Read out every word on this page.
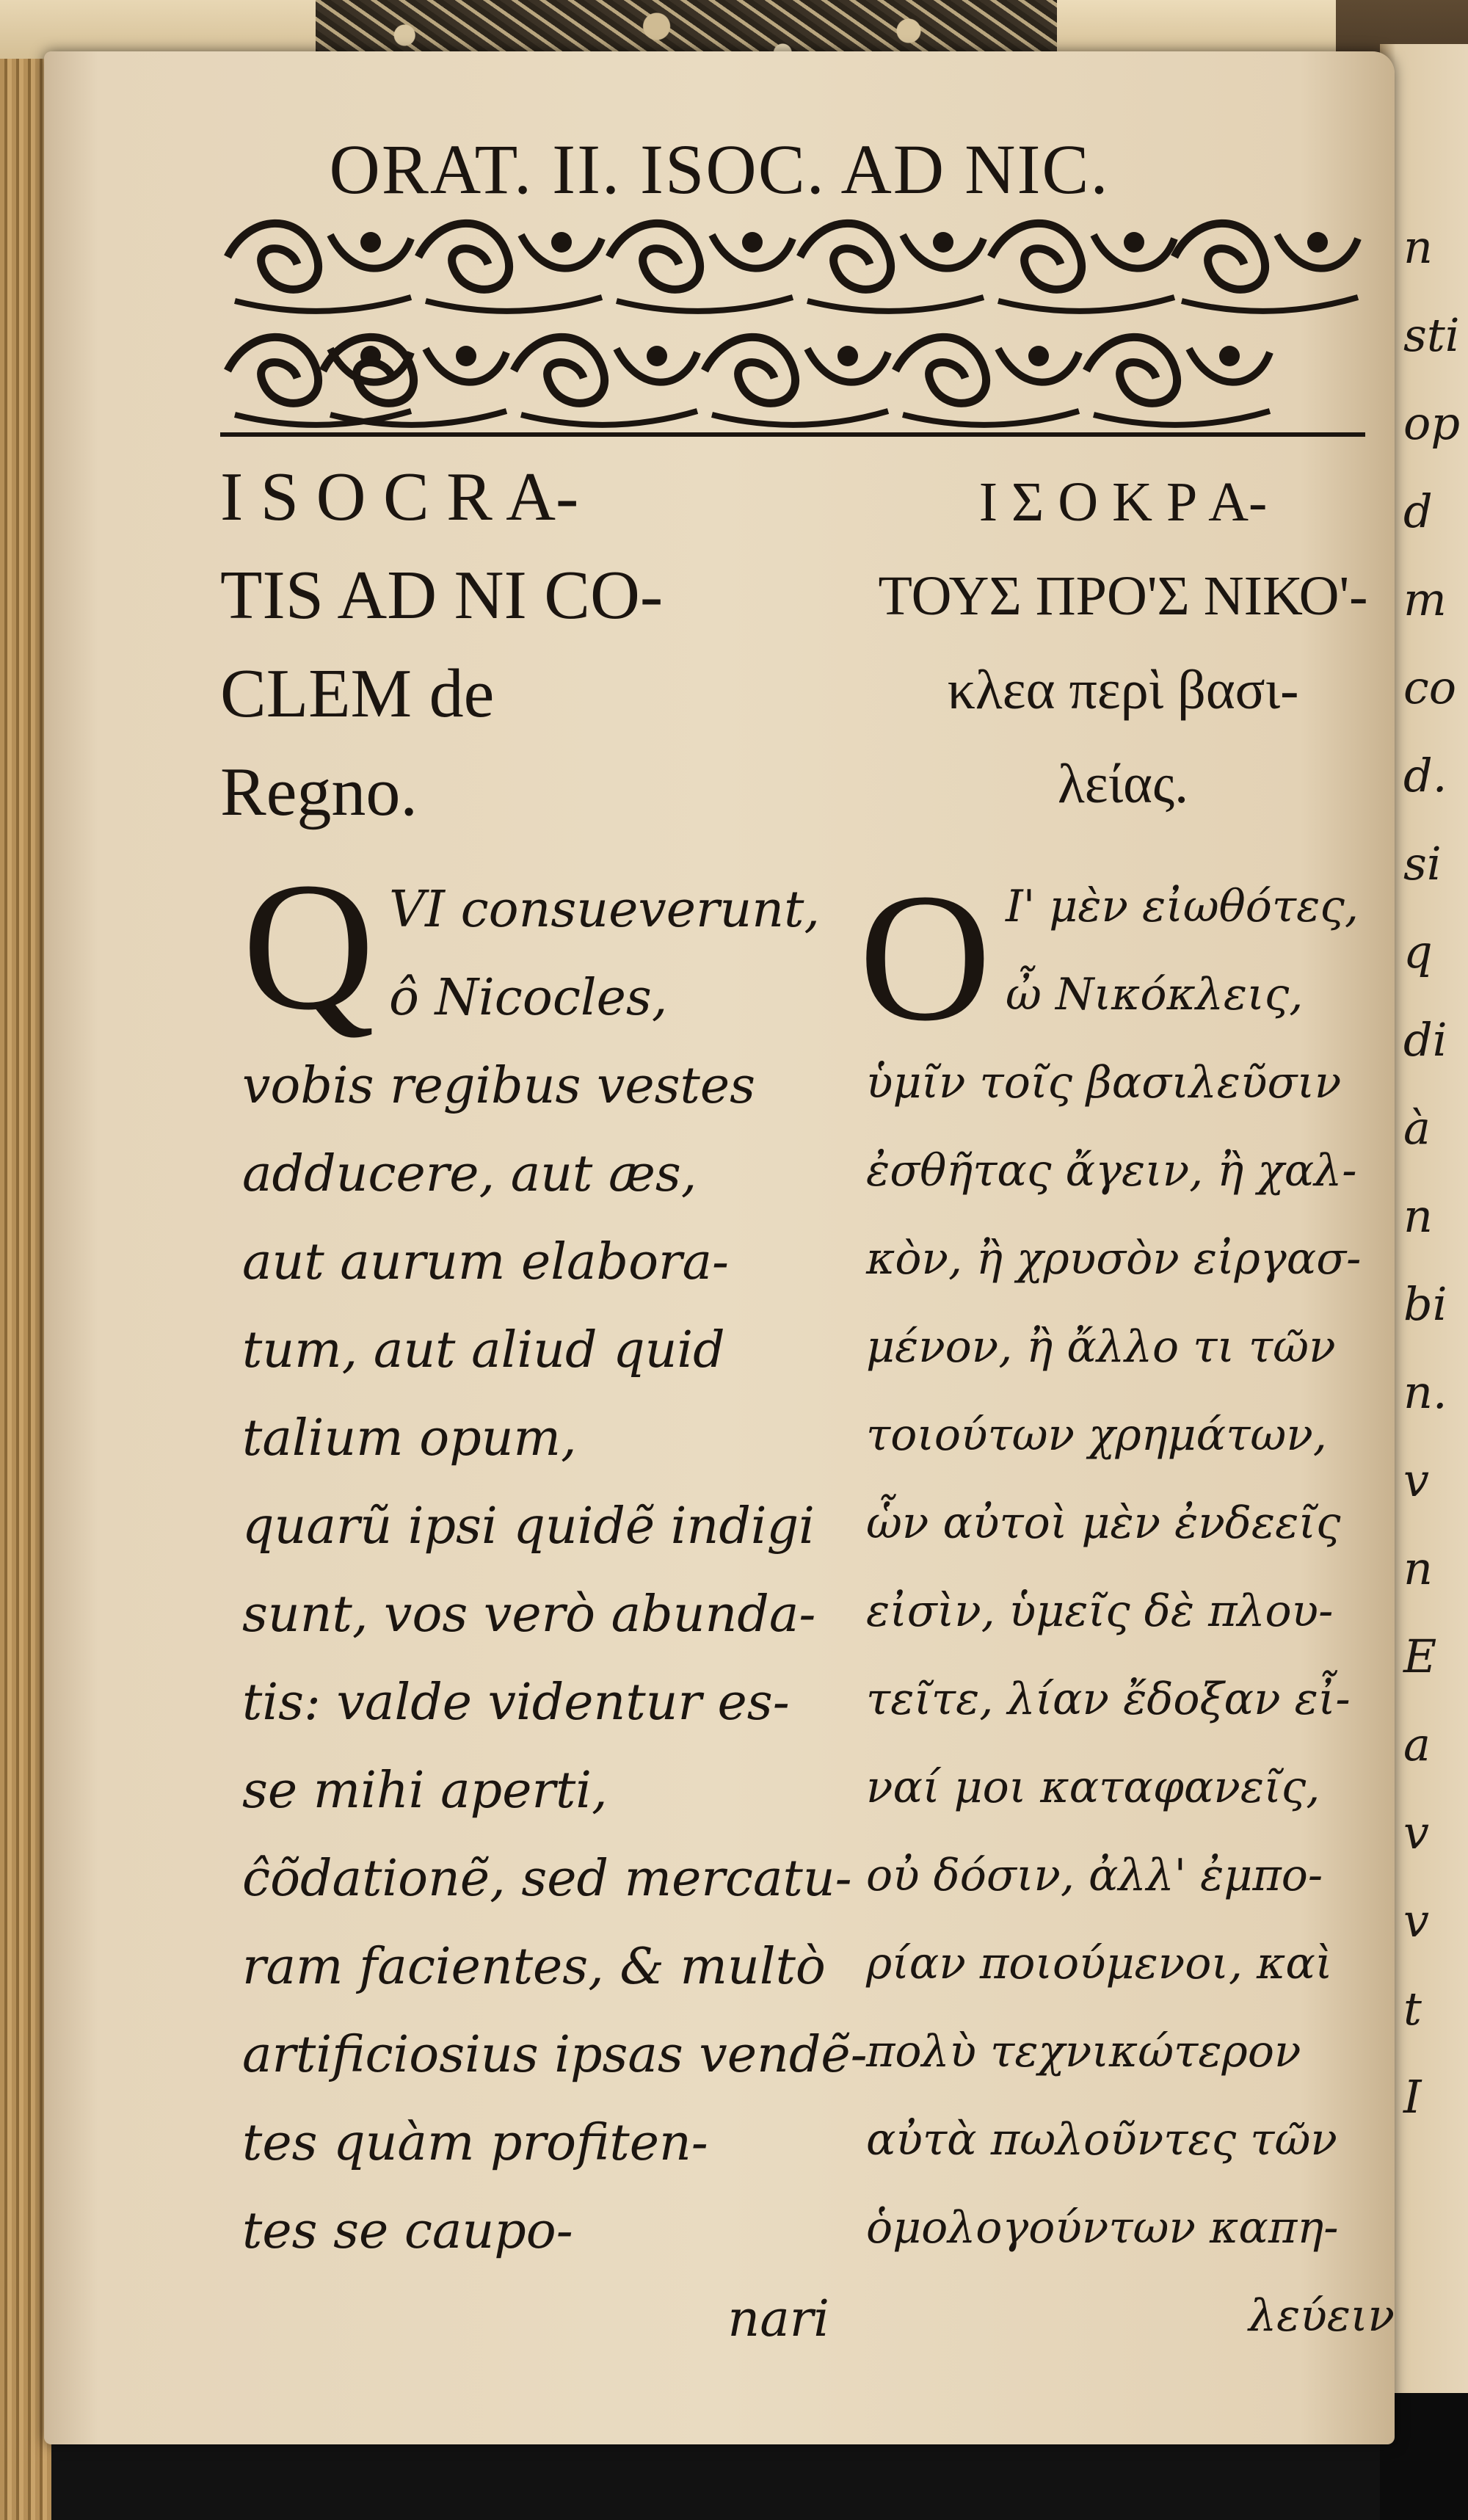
n
sti
op
d
m
co
d.
si
q
di
à
n
bi
n.
v
n
E
a
v
v
t
I
ORAT. II. ISOC. AD NIC.
I S O C R A-
TIS AD NI CO-
CLEM de
Regno.
Ι Σ Ο Κ Ρ Α-
ΤΟΥΣ ΠΡΟ'Σ ΝΙΚΟ'-
κλεα περὶ βασι-
λείας.
Q	O
VI consueverunt,
ô Nicocles,
vobis regibus vestes
adducere, aut æs,
aut aurum elabora-
tum, aut aliud quid
talium opum,
quarũ ipsi quidẽ indigi
sunt, vos verò abunda-
tis: valde videntur es-
se mihi aperti,
ĉõdationẽ, sed mercatu-
ram facientes, & multò
artificiosius ipsas vendẽ-
tes quàm profiten-
tes se caupo-
nari
Ι' μὲν εἰωθότες,
ὦ Νικόκλεις,
ὑμῖν τοῖς βασιλεῦσιν
ἐσθῆτας ἄγειν, ἢ χαλ-
κὸν, ἢ χρυσὸν εἰργασ-
μένον, ἢ ἄλλο τι τῶν
τοιούτων χρημάτων,
ὧν αὐτοὶ μὲν ἐνδεεῖς
εἰσὶν, ὑμεῖς δὲ πλου-
τεῖτε, λίαν ἔδοξαν εἶ-
ναί μοι καταφανεῖς,
οὐ δόσιν, ἀλλ' ἐμπο-
ρίαν ποιούμενοι, καὶ
πολὺ τεχνικώτερον
αὐτὰ πωλοῦντες τῶν
ὁμολογούντων καπη-
λεύειν
